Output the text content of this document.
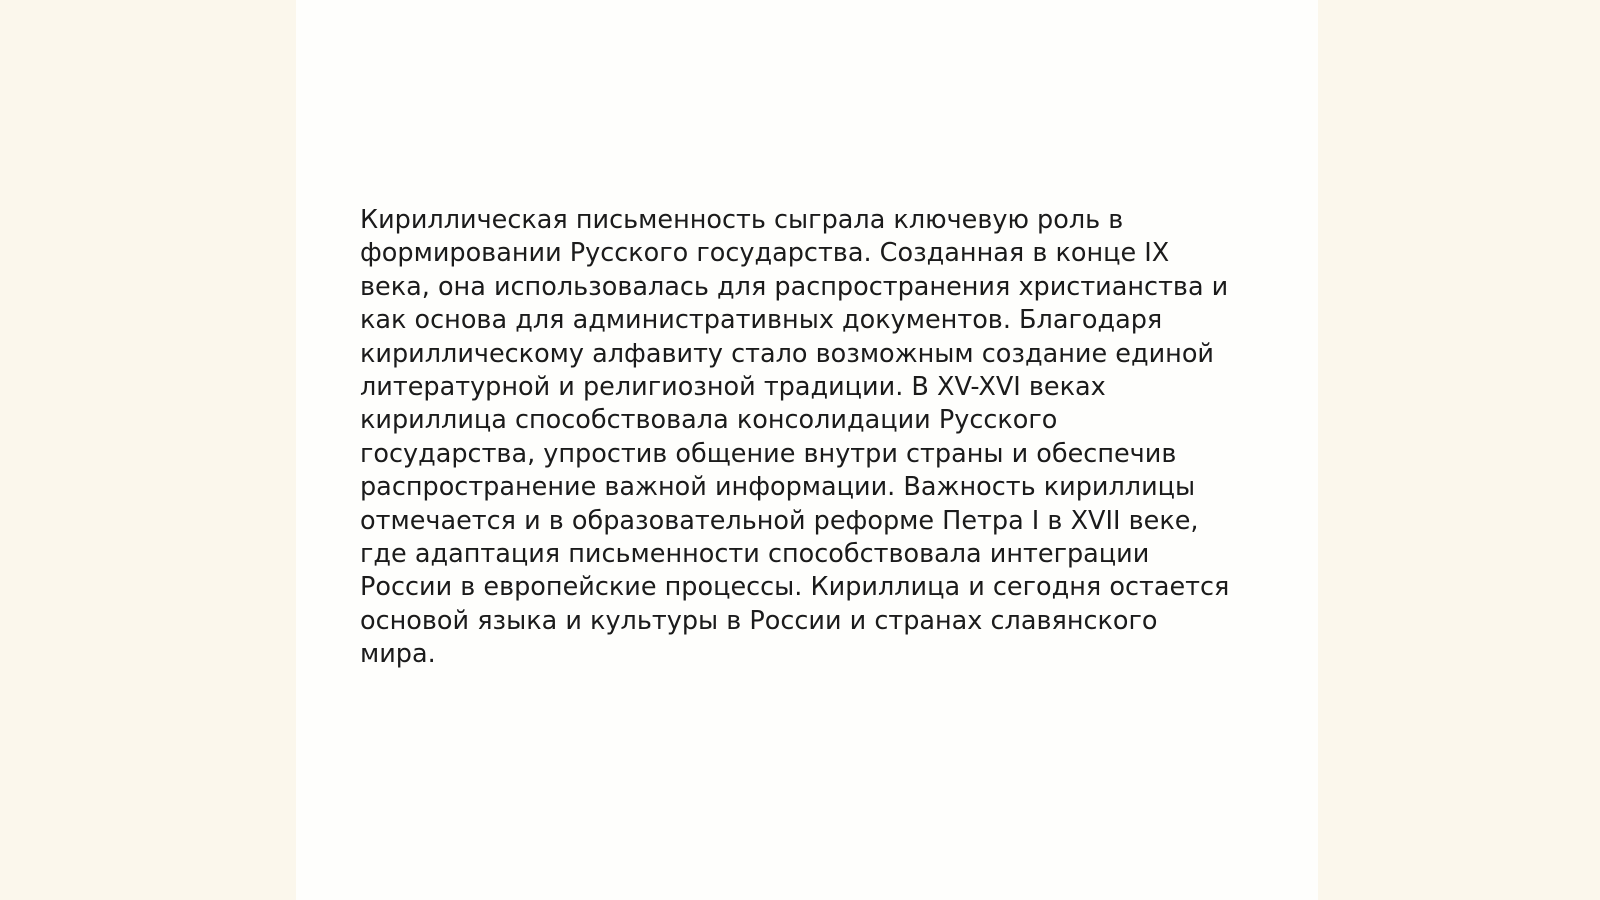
Кириллическая письменность сыграла ключевую роль в
формировании Русского государства. Созданная в конце IX
века, она использовалась для распространения христианства и
как основа для административных документов. Благодаря
кириллическому алфавиту стало возможным создание единой
литературной и религиозной традиции. В XV-XVI веках
кириллица способствовала консолидации Русского
государства, упростив общение внутри страны и обеспечив
распространение важной информации. Важность кириллицы
отмечается и в образовательной реформе Петра I в XVII веке,
где адаптация письменности способствовала интеграции
России в европейские процессы. Кириллица и сегодня остается
основой языка и культуры в России и странах славянского
мира.
